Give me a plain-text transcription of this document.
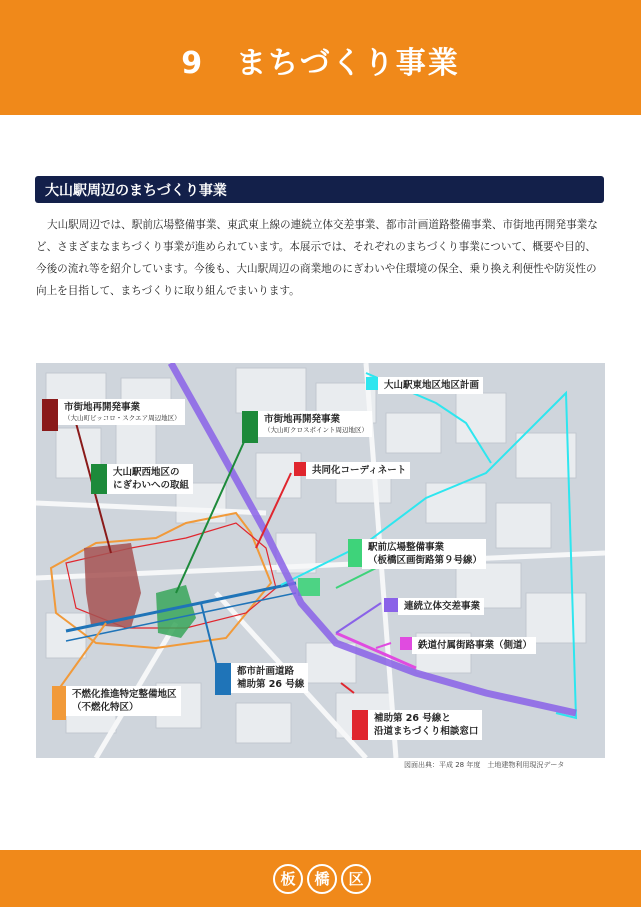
9　まちづくり事業
大山駅周辺のまちづくり事業
大山駅周辺では、駅前広場整備事業、東武東上線の連続立体交差事業、都市計画道路整備事業、市街地再開発事業など、さまざまなまちづくり事業が進められています。本展示では、それぞれのまちづくり事業について、概要や目的、今後の流れ等を紹介しています。今後も、大山駅周辺の商業地のにぎわいや住環境の保全、乗り換え利便性や防災性の向上を目指して、まちづくりに取り組んでまいります。
市街地再開発事業
（大山町ピッコロ・スクエア周辺地区）	市街地再開発事業
（大山町クロスポイント周辺地区）
大山駅東地区地区計画
大山駅西地区の
にぎわいへの取組
共同化コーディネート
駅前広場整備事業
（板橋区画街路第９号線）
連続立体交差事業
鉄道付属街路事業（側道）
都市計画道路
補助第 26 号線
不燃化推進特定整備地区
（不燃化特区）
補助第 26 号線と
沿道まちづくり相談窓口
図面出典：平成 28 年度　土地建物利用現況データ
板	橋	区
